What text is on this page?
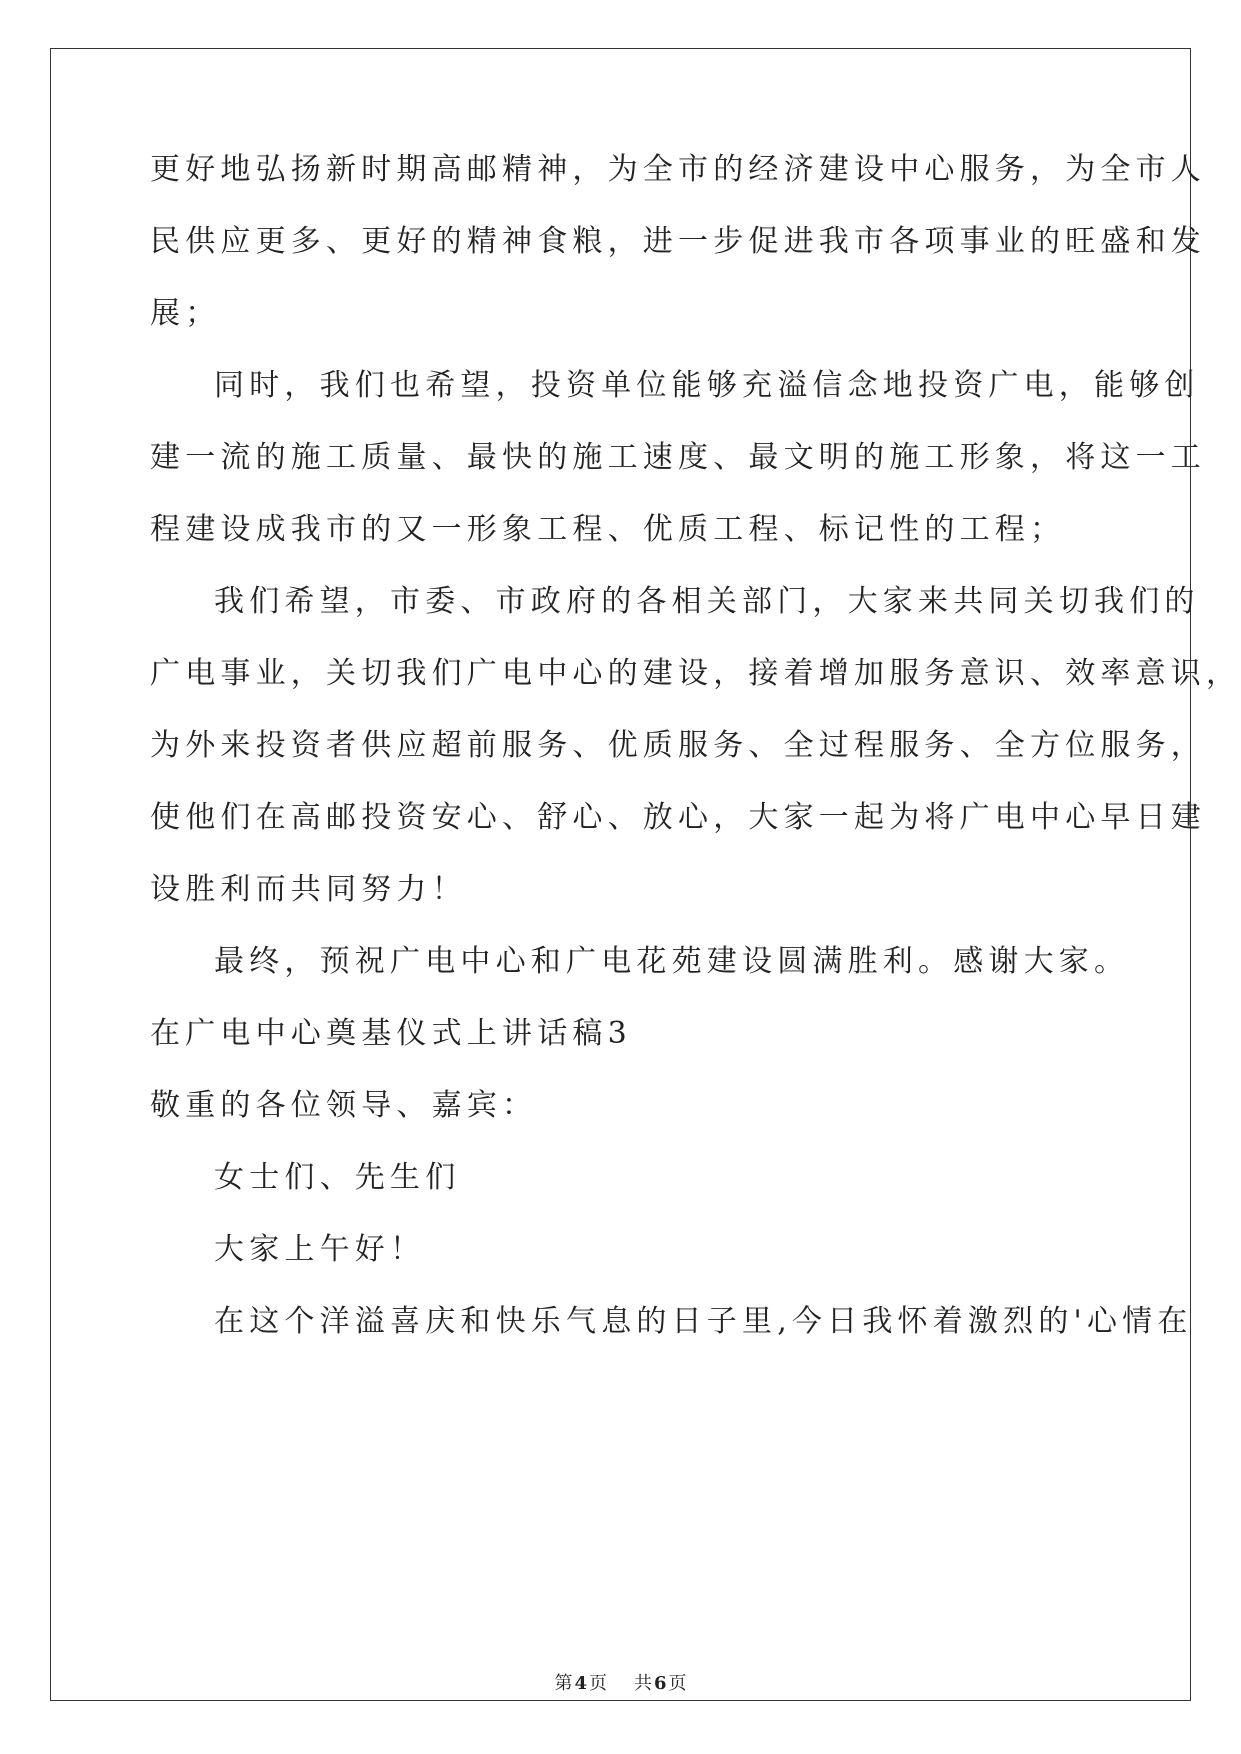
更好地弘扬新时期高邮精神，为全市的经济建设中心服务，为全市人
民供应更多、更好的精神食粮，进一步促进我市各项事业的旺盛和发
展；
同时，我们也希望，投资单位能够充溢信念地投资广电，能够创
建一流的施工质量、最快的施工速度、最文明的施工形象，将这一工
程建设成我市的又一形象工程、优质工程、标记性的工程；
我们希望，市委、市政府的各相关部门，大家来共同关切我们的
广电事业，关切我们广电中心的建设，接着增加服务意识、效率意识，
为外来投资者供应超前服务、优质服务、全过程服务、全方位服务，
使他们在高邮投资安心、舒心、放心，大家一起为将广电中心早日建
设胜利而共同努力！
最终，预祝广电中心和广电花苑建设圆满胜利。感谢大家。
在广电中心奠基仪式上讲话稿3
敬重的各位领导、嘉宾：
女士们、先生们
大家上午好！
在这个洋溢喜庆和快乐气息的日子里,今日我怀着激烈的'心情在
第 4 页 共 6 页
